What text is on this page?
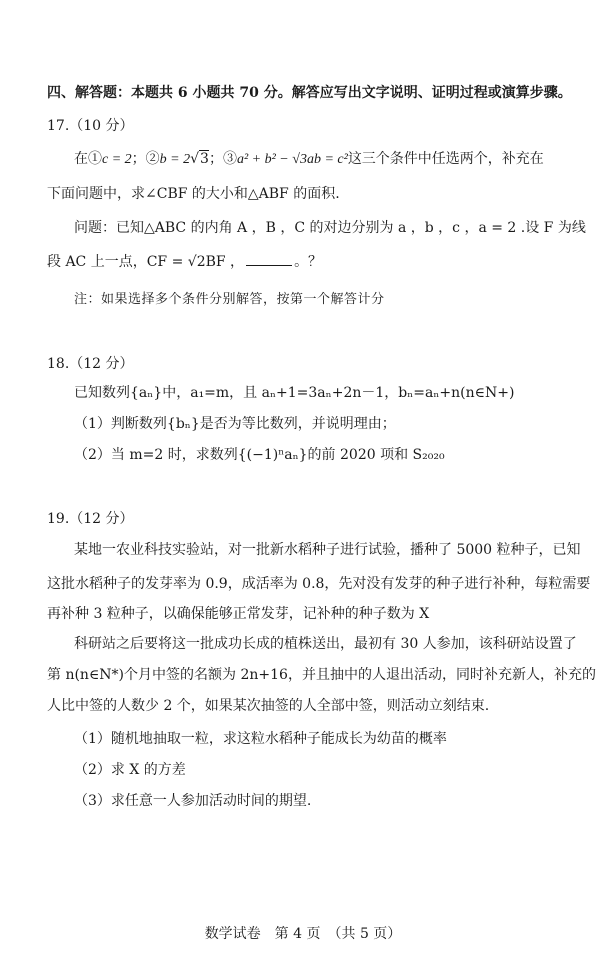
四、解答题：本题共 6 小题共 70 分。解答应写出文字说明、证明过程或演算步骤。
17.（10 分）
在①c = 2；②b = 2√3；③a² + b² − √3ab = c²这三个条件中任选两个，补充在
下面问题中，求∠CBF 的大小和△ABF 的面积.
问题：已知△ABC 的内角 A ，B ，C 的对边分别为 a ，b ，c ，a = 2 .设 F 为线
段 AC 上一点，CF = √2BF ，	。？
注：如果选择多个条件分别解答，按第一个解答计分
18.（12 分）
已知数列{aₙ}中，a₁=m，且 aₙ+1=3aₙ+2n－1，bₙ=aₙ+n(n∈N+)
（1）判断数列{bₙ}是否为等比数列，并说明理由；
（2）当 m=2 时，求数列{(−1)ⁿaₙ}的前 2020 项和 S₂₀₂₀
19.（12 分）
某地一农业科技实验站，对一批新水稻种子进行试验，播种了 5000 粒种子，已知
这批水稻种子的发芽率为 0.9，成活率为 0.8，先对没有发芽的种子进行补种，每粒需要
再补种 3 粒种子，以确保能够正常发芽，记补种的种子数为 X
科研站之后要将这一批成功长成的植株送出，最初有 30 人参加，该科研站设置了
第 n(n∈N*)个月中签的名额为 2n+16，并且抽中的人退出活动，同时补充新人，补充的
人比中签的人数少 2 个，如果某次抽签的人全部中签，则活动立刻结束.
（1）随机地抽取一粒，求这粒水稻种子能成长为幼苗的概率
（2）求 X 的方差
（3）求任意一人参加活动时间的期望.
数学试卷　第 4 页　（共 5 页）
